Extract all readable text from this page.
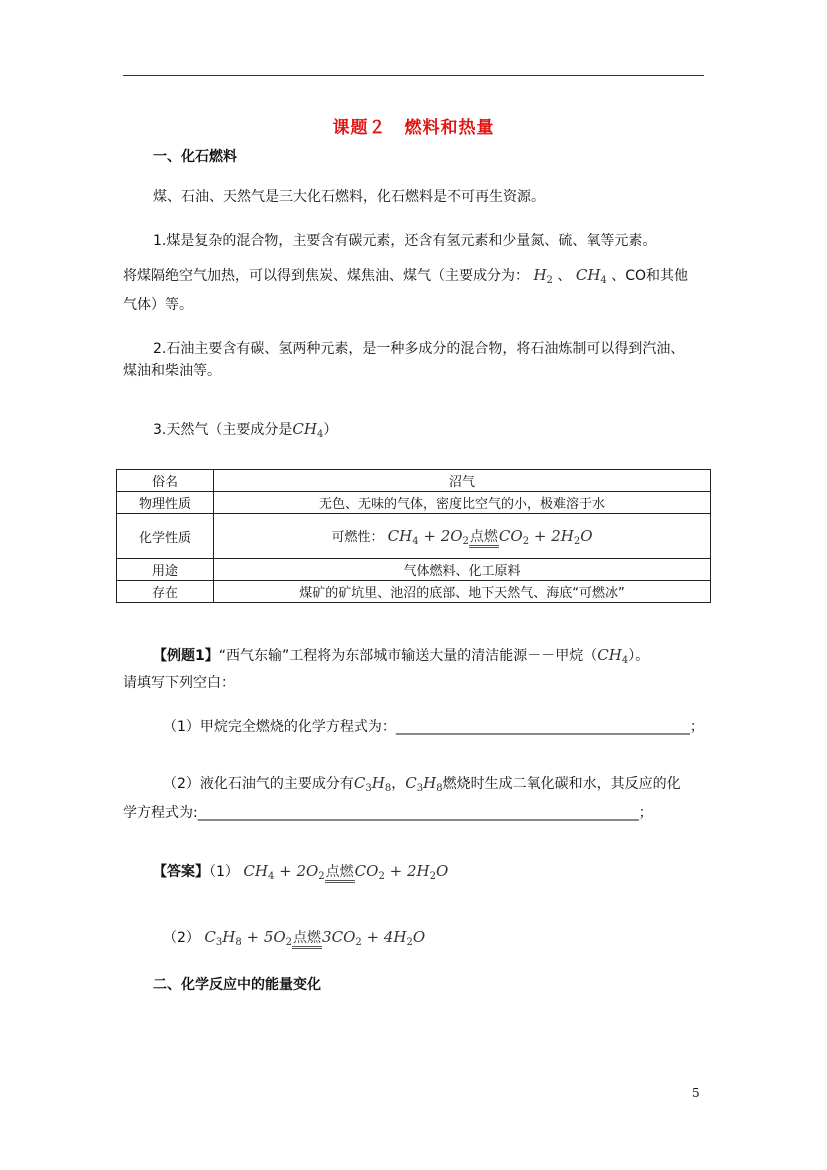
课题２　燃料和热量
一、化石燃料
煤、石油、天然气是三大化石燃料，化石燃料是不可再生资源。
1.煤是复杂的混合物，主要含有碳元素，还含有氢元素和少量氮、硫、氧等元素。
将煤隔绝空气加热，可以得到焦炭、煤焦油、煤气（主要成分为： $H_2$ 、 $CH_4$ 、CO和其他
气体）等。
2.石油主要含有碳、氢两种元素，是一种多成分的混合物，将石油炼制可以得到汽油、
煤油和柴油等。
3.天然气（主要成分是$CH_4$）
俗名	沼气
物理性质	无色、无味的气体，密度比空气的小，极难溶于水
化学性质	可燃性： $CH_4 + 2O_2$点燃$CO_2 + 2H_2O$
用途	气体燃料、化工原料
存在	煤矿的矿坑里、池沼的底部、地下天然气、海底“可燃冰”
【例题1】“西气东输”工程将为东部城市输送大量的清洁能源－－甲烷$(CH_4)$。
请填写下列空白：
（1）甲烷完全燃烧的化学方程式为：__________________________________________；
（2）液化石油气的主要成分有$C_3H_8$，$C_3H_8$燃烧时生成二氧化碳和水，其反应的化
学方程式为:_______________________________________________________________；
【答案】（1） $CH_4 + 2O_2$点燃$CO_2 + 2H_2O$
（2） $C_3H_8 + 5O_2$点燃$3CO_2 + 4H_2O$
二、化学反应中的能量变化
5
